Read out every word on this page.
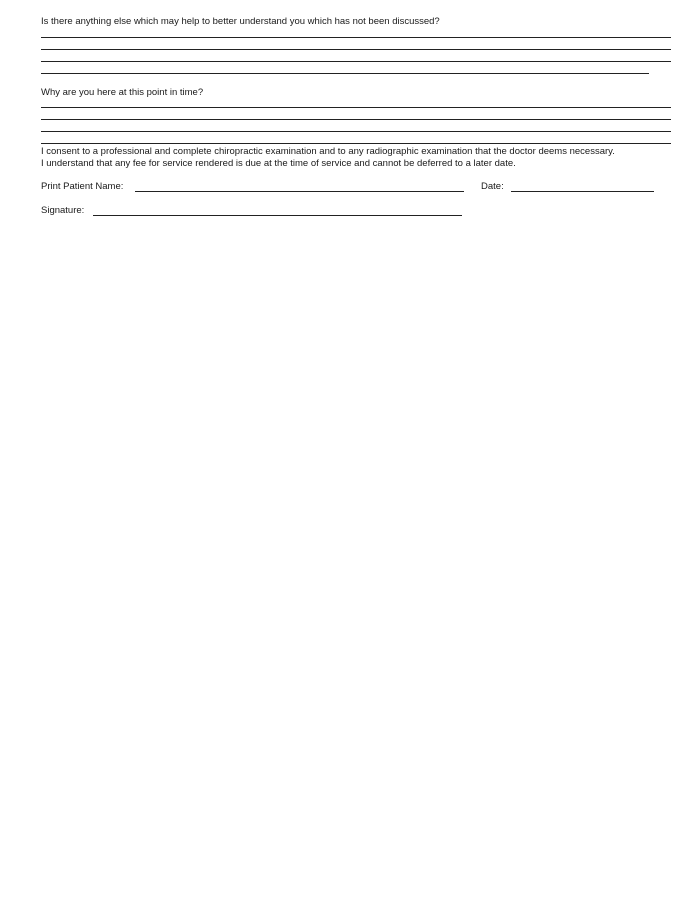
Is there anything else which may help to better understand you which has not been discussed?
Why are you here at this point in time?
I consent to a professional and complete chiropractic examination and to any radiographic examination that the doctor deems necessary.
I understand that any fee for service rendered is due at the time of service and cannot be deferred to a later date.
Print Patient Name:	Date:
Signature:
